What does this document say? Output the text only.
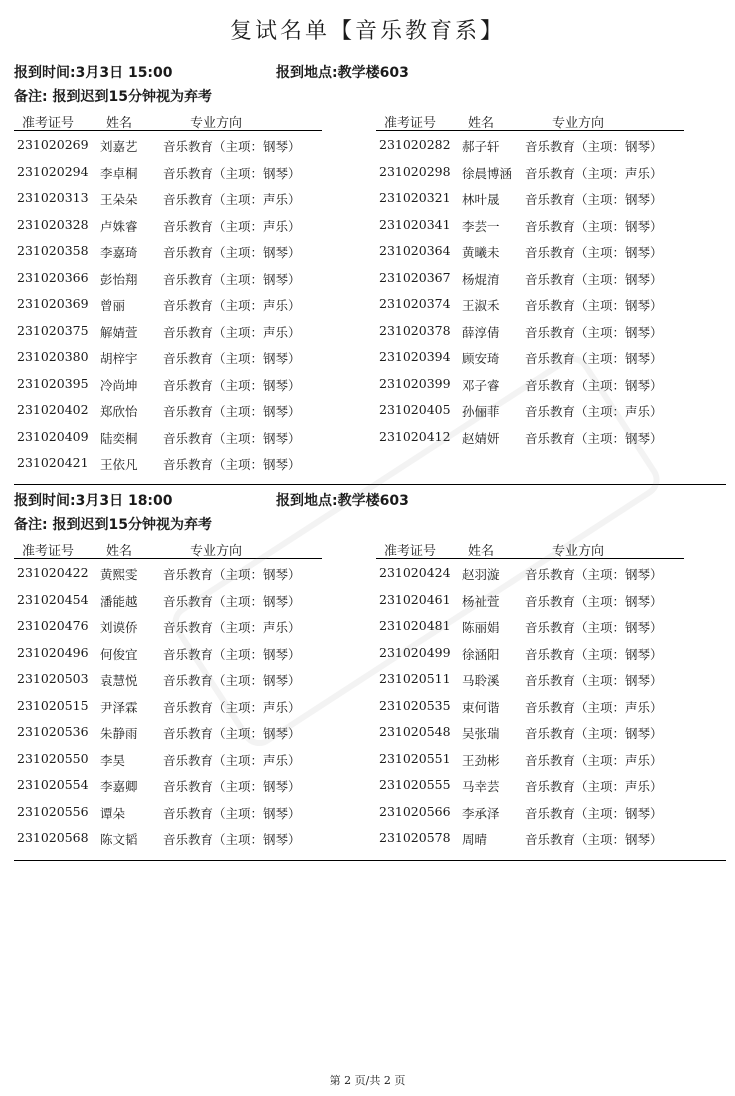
复试名单【音乐教育系】
报到时间:3月3日 15:00	报到地点:教学楼603
备注: 报到迟到15分钟视为弃考
准考证号 姓名	专业方向
231020269 刘嘉艺 音乐教育（主项：钢琴）
231020294 李卓桐 音乐教育（主项：钢琴）
231020313 王朵朵 音乐教育（主项：声乐）
231020328 卢姝睿 音乐教育（主项：声乐）
231020358 李嘉琦 音乐教育（主项：钢琴）
231020366 彭怡翔 音乐教育（主项：钢琴）
231020369 曾丽	音乐教育（主项：声乐）
231020375 解婧萱 音乐教育（主项：声乐）
231020380 胡梓宇 音乐教育（主项：钢琴）
231020395 冷尚坤 音乐教育（主项：钢琴）
231020402 郑欣怡 音乐教育（主项：钢琴）
231020409 陆奕桐 音乐教育（主项：钢琴）
231020421 王依凡 音乐教育（主项：钢琴）
准考证号 姓名	专业方向
231020282 郝子轩 音乐教育（主项：钢琴）
231020298 徐晨博涵 音乐教育（主项：声乐）
231020321 林叶晟 音乐教育（主项：钢琴）
231020341 李芸一 音乐教育（主项：钢琴）
231020364 黄曦未 音乐教育（主项：钢琴）
231020367 杨焜淯 音乐教育（主项：钢琴）
231020374 王淑禾 音乐教育（主项：钢琴）
231020378 薛淳倩 音乐教育（主项：钢琴）
231020394 顾安琦 音乐教育（主项：钢琴）
231020399 邓子睿 音乐教育（主项：钢琴）
231020405 孙俪菲 音乐教育（主项：声乐）
231020412 赵婧妍 音乐教育（主项：钢琴）
报到时间:3月3日 18:00	报到地点:教学楼603
备注: 报到迟到15分钟视为弃考
准考证号 姓名	专业方向
231020422 黄熙雯 音乐教育（主项：钢琴）
231020454 潘能越 音乐教育（主项：钢琴）
231020476 刘谟侨 音乐教育（主项：声乐）
231020496 何俊宜 音乐教育（主项：钢琴）
231020503 袁慧悦 音乐教育（主项：钢琴）
231020515 尹泽霖 音乐教育（主项：声乐）
231020536 朱静雨 音乐教育（主项：钢琴）
231020550 李昊	音乐教育（主项：声乐）
231020554 李嘉卿 音乐教育（主项：钢琴）
231020556 谭朵	音乐教育（主项：钢琴）
231020568 陈文韬 音乐教育（主项：钢琴）
准考证号 姓名	专业方向
231020424 赵羽漩 音乐教育（主项：钢琴）
231020461 杨祉萱 音乐教育（主项：钢琴）
231020481 陈丽娟 音乐教育（主项：钢琴）
231020499 徐涵阳 音乐教育（主项：钢琴）
231020511 马聆溪 音乐教育（主项：钢琴）
231020535 束何谐 音乐教育（主项：声乐）
231020548 吴张瑞 音乐教育（主项：钢琴）
231020551 王劲彬 音乐教育（主项：声乐）
231020555 马幸芸 音乐教育（主项：声乐）
231020566 李承泽 音乐教育（主项：钢琴）
231020578 周晴	音乐教育（主项：钢琴）
第 2 页/共 2 页
